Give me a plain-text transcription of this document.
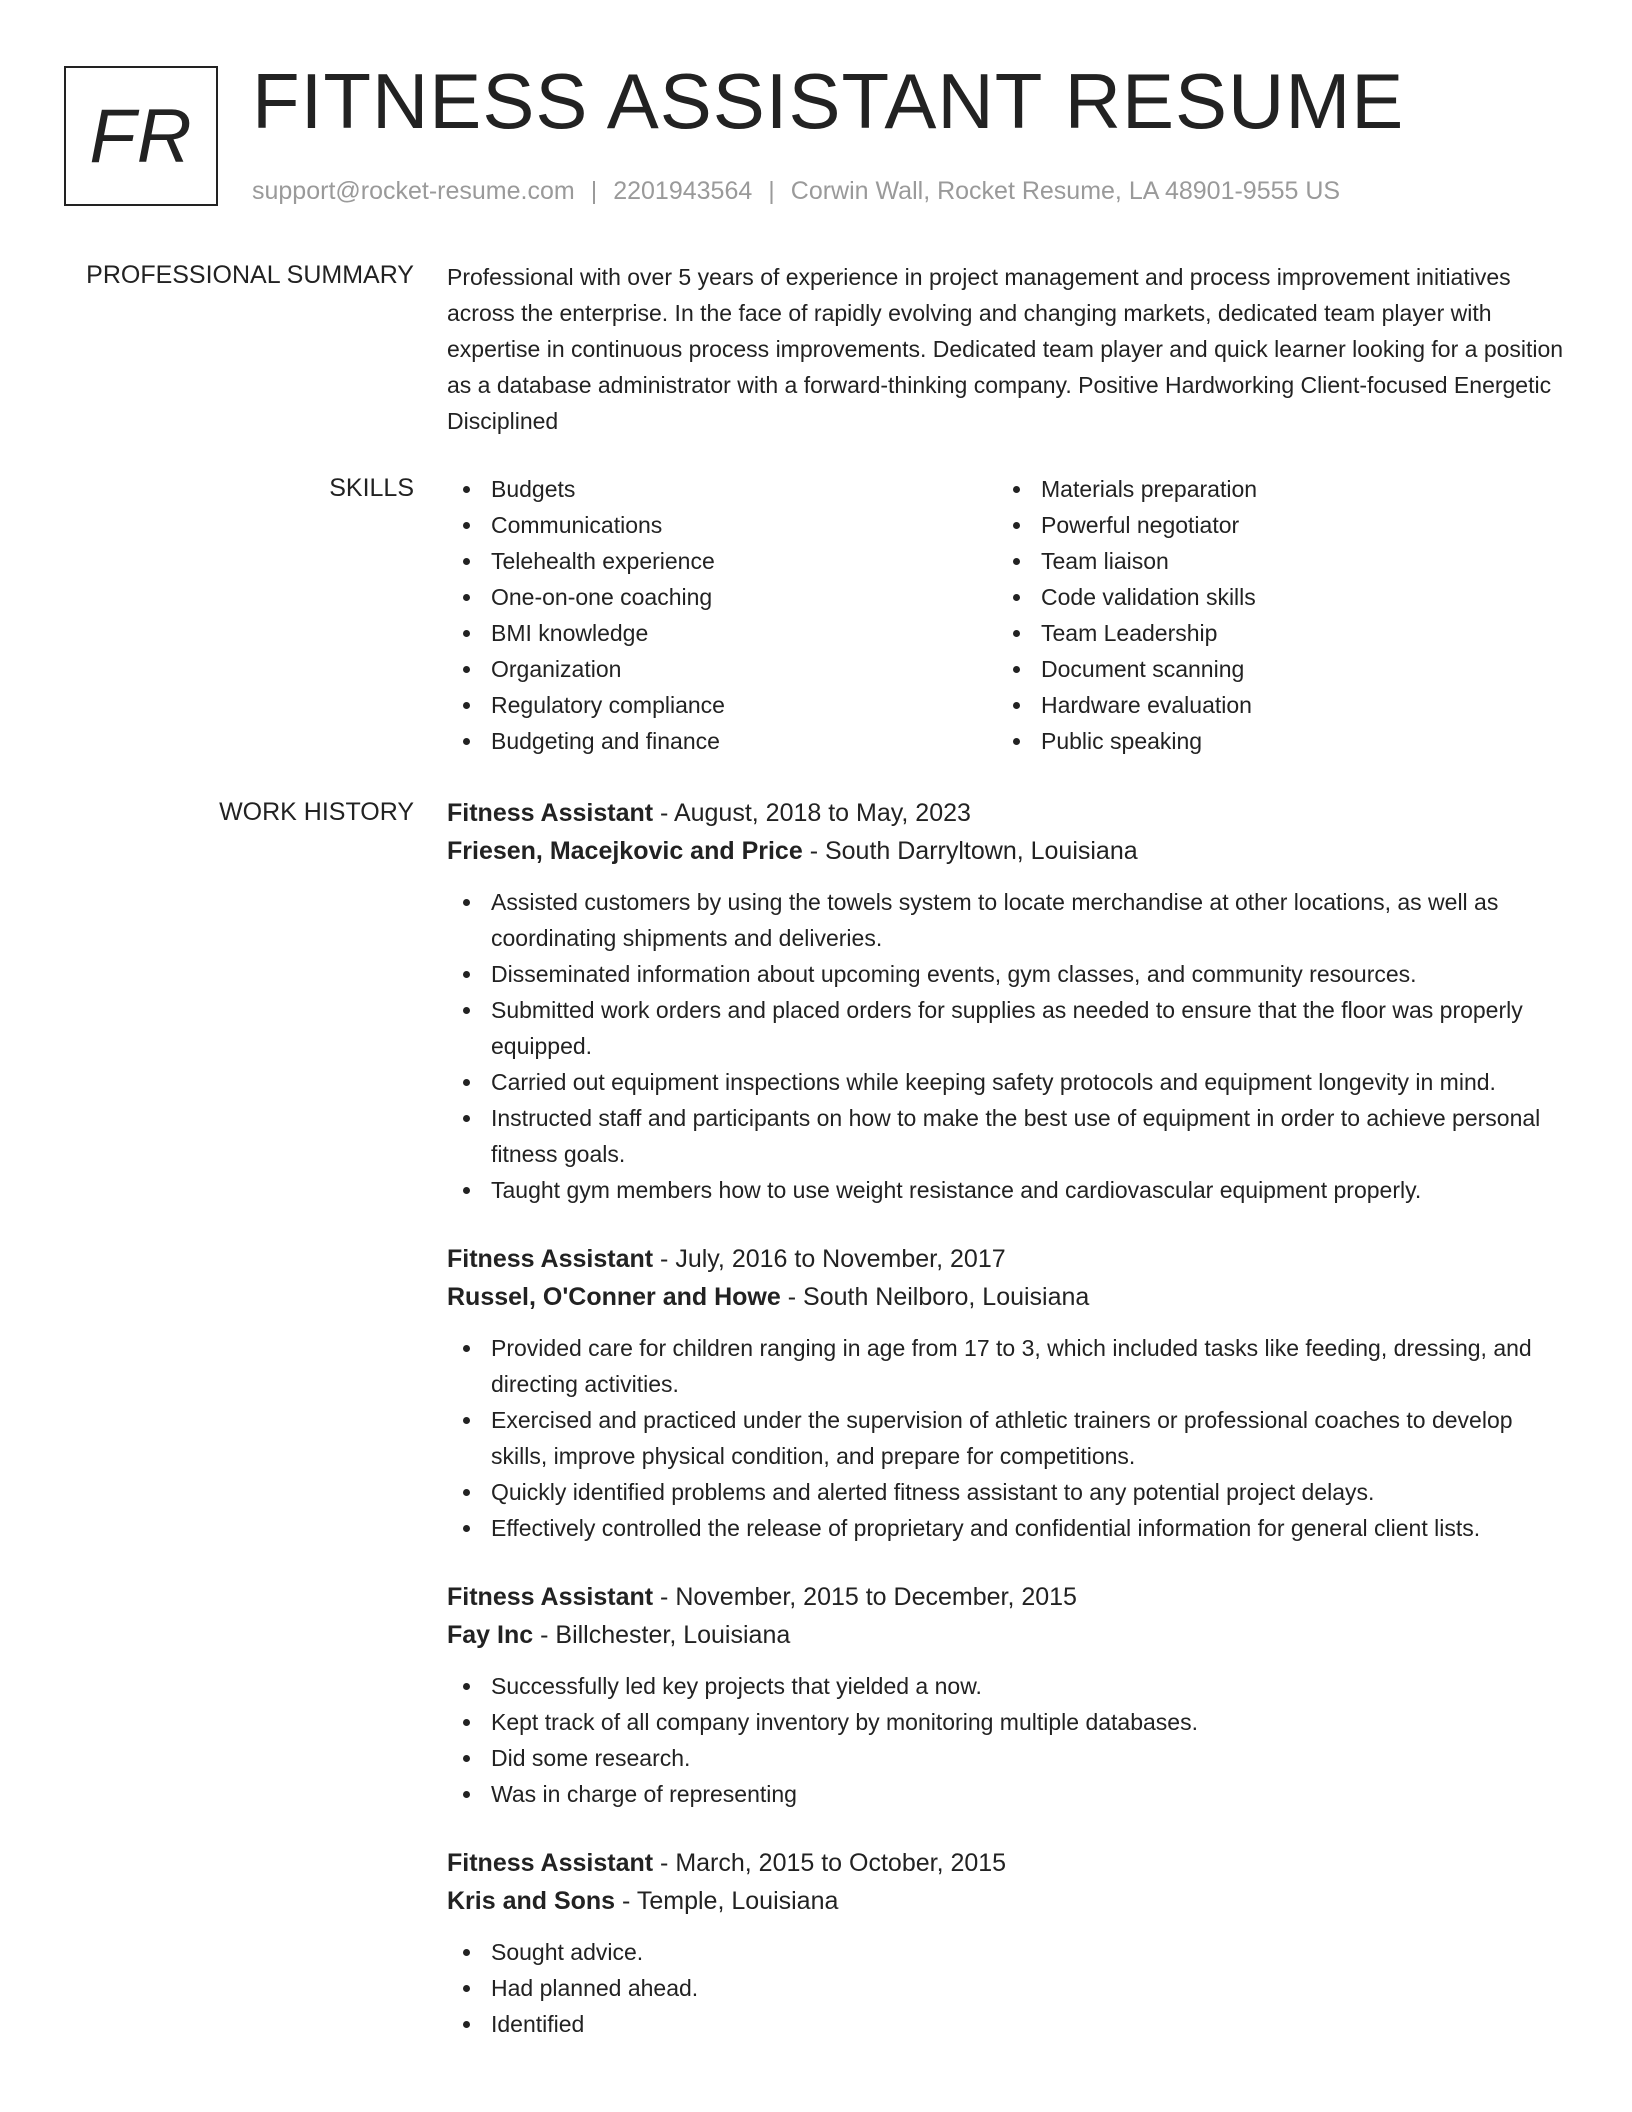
FR FITNESS ASSISTANT RESUME
support@rocket-resume.com | 2201943564 | Corwin Wall, Rocket Resume, LA 48901-9555 US
PROFESSIONAL SUMMARY Professional with over 5 years of experience in project management and process improvement initiatives across the enterprise. In the face of rapidly evolving and changing markets, dedicated team player with expertise in continuous process improvements. Dedicated team player and quick learner looking for a position as a database administrator with a forward-thinking company. Positive Hardworking Client-focused Energetic Disciplined

SKILLS	Budgets
Communications
Telehealth experience
One-on-one coaching
BMI knowledge
Organization
Regulatory compliance
Budgeting and finance
Materials preparation
Powerful negotiator
Team liaison
Code validation skills
Team Leadership
Document scanning
Hardware evaluation
Public speaking
WORK HISTORY Fitness Assistant - August, 2018 to May, 2023
Friesen, Macejkovic and Price - South Darryltown, Louisiana
Assisted customers by using the towels system to locate merchandise at other locations, as well as coordinating shipments and deliveries.
Disseminated information about upcoming events, gym classes, and community resources.
Submitted work orders and placed orders for supplies as needed to ensure that the floor was properly equipped.
Carried out equipment inspections while keeping safety protocols and equipment longevity in mind.
Instructed staff and participants on how to make the best use of equipment in order to achieve personal fitness goals.
Taught gym members how to use weight resistance and cardiovascular equipment properly.
Fitness Assistant - July, 2016 to November, 2017
Russel, O'Conner and Howe - South Neilboro, Louisiana
Provided care for children ranging in age from 17 to 3, which included tasks like feeding, dressing, and directing activities.
Exercised and practiced under the supervision of athletic trainers or professional coaches to develop skills, improve physical condition, and prepare for competitions.
Quickly identified problems and alerted fitness assistant to any potential project delays.
Effectively controlled the release of proprietary and confidential information for general client lists.
Fitness Assistant - November, 2015 to December, 2015
Fay Inc - Billchester, Louisiana
Successfully led key projects that yielded a now.
Kept track of all company inventory by monitoring multiple databases.
Did some research.
Was in charge of representing
Fitness Assistant - March, 2015 to October, 2015
Kris and Sons - Temple, Louisiana
Sought advice.
Had planned ahead.
Identified
